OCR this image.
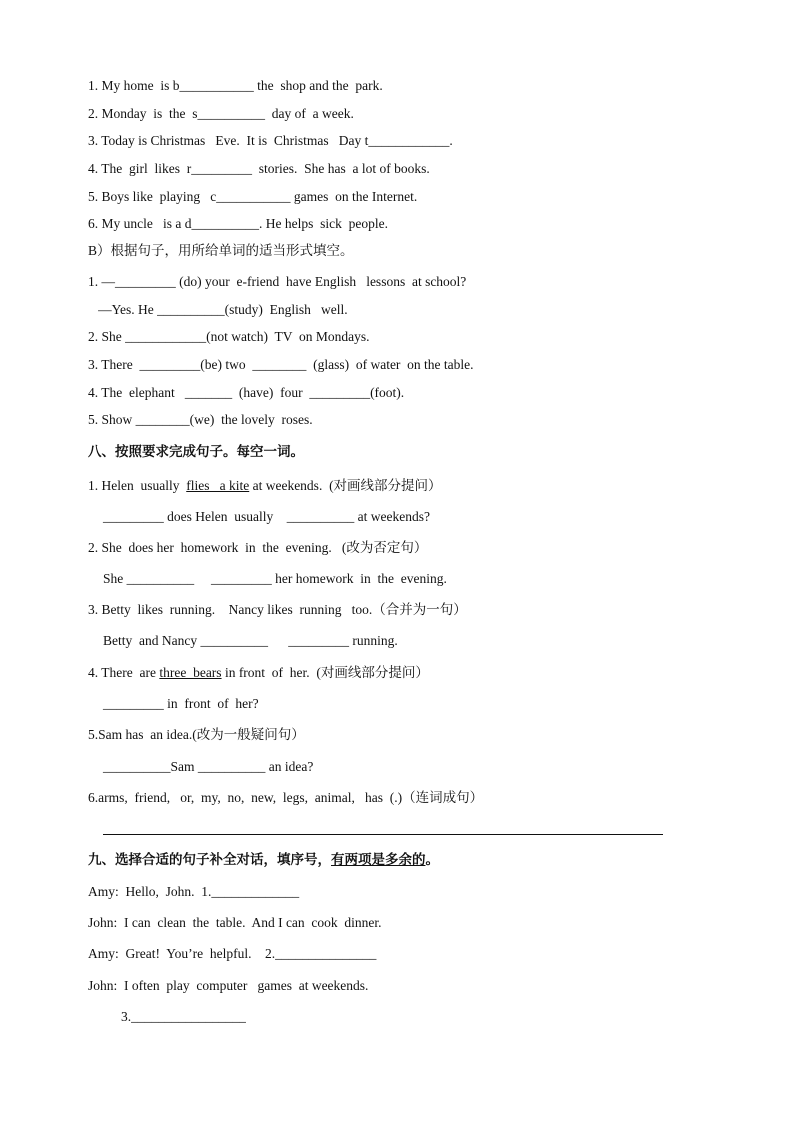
1. My home  is b___________ the  shop and the  park.
2. Monday  is  the  s__________  day of  a week.
3. Today is Christmas   Eve.  It is  Christmas   Day t____________.
4. The  girl  likes  r_________  stories.  She has  a lot of books.
5. Boys like  playing   c___________ games  on the Internet.
6. My uncle   is a d__________. He helps  sick  people.
B）根据句子，用所给单词的适当形式填空。
1. —_________ (do) your  e-friend  have English   lessons  at school?
—Yes. He __________(study)  English   well.
2. She ____________(not watch)  TV  on Mondays.
3. There  _________(be) two  ________  (glass)  of water  on the table.
4. The  elephant   _______  (have)  four  _________(foot).
5. Show ________(we)  the lovely  roses.
八、按照要求完成句子。每空一词。
1. Helen  usually  flies   a kite at weekends.  (对画线部分提问）
_________ does Helen  usually    __________ at weekends?
2. She  does her  homework  in  the  evening.   (改为否定句）
She __________     _________ her homework  in  the  evening.
3. Betty  likes  running.    Nancy likes  running   too.（合并为一句）
Betty  and Nancy __________      _________ running.
4. There  are three  bears in front  of  her.  (对画线部分提问）
_________ in  front  of  her?
5.Sam has  an idea.(改为一般疑问句）
__________Sam __________ an idea?
6.arms,  friend,   or,  my,  no,  new,  legs,  animal,   has  (.)（连词成句）
九、选择合适的句子补全对话，填序号，有两项是多余的。
Amy:  Hello,  John.  1._____________
John:  I can  clean  the  table.  And I can  cook  dinner.
Amy:  Great!  You’re  helpful.    2._______________
John:  I often  play  computer   games  at weekends.
3._________________
